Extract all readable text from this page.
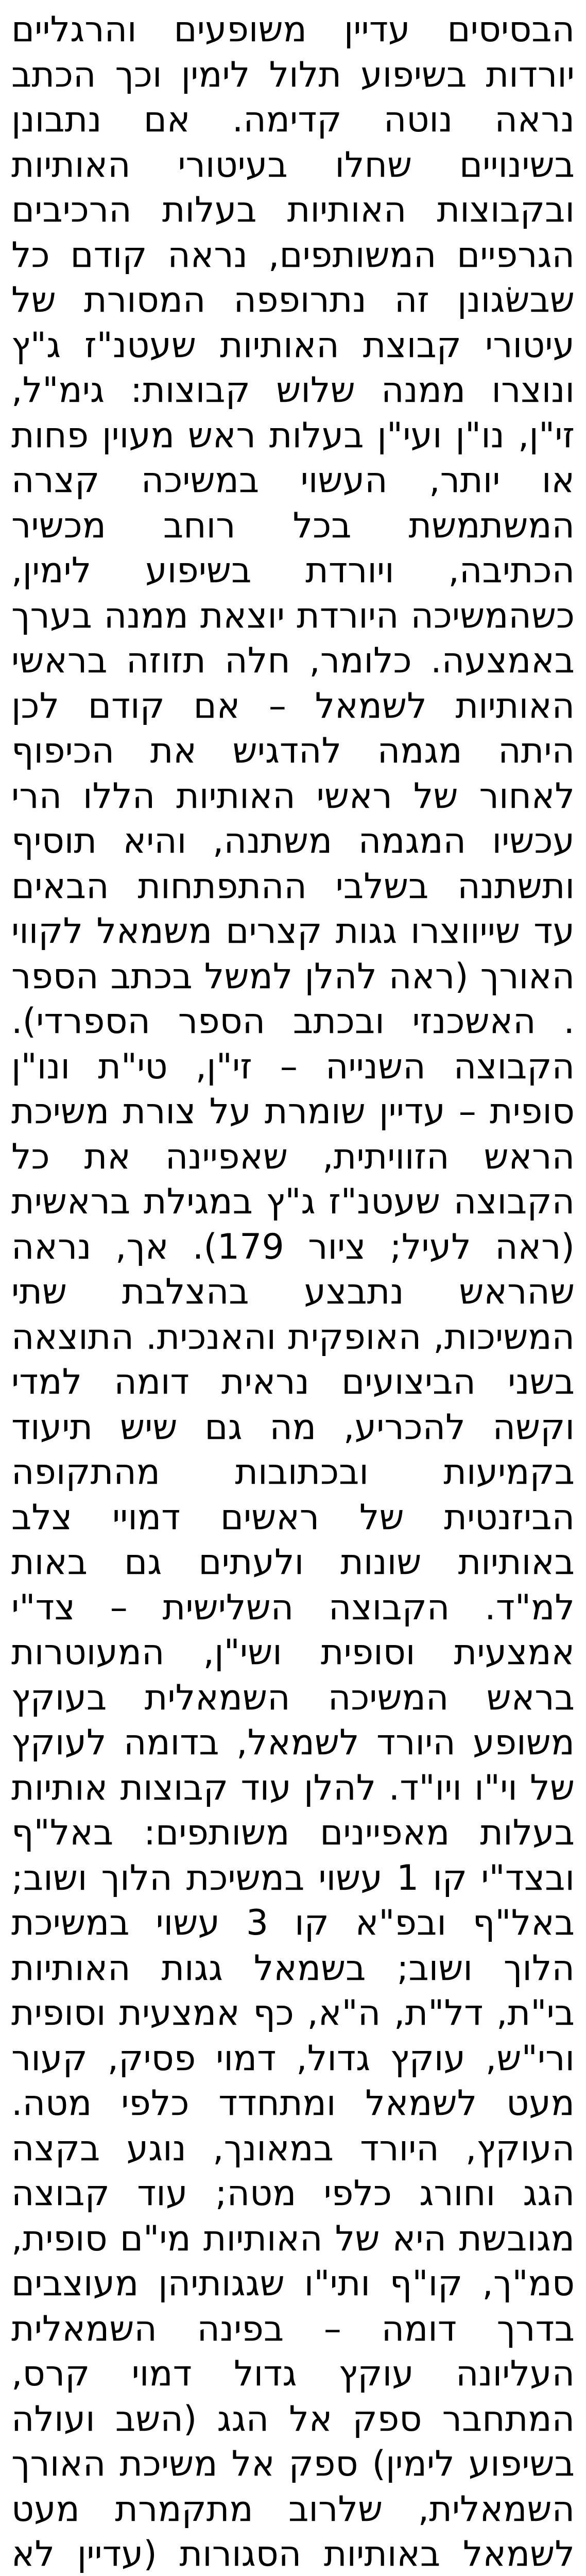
הבסיסים עדיין משופעים והרגליים יורדות בשיפוע תלול לימין וכך הכתב נראה נוטה קדימה. אם נתבונן בשינויים שחלו בעיטורי האותיות ובקבוצות האותיות בעלות הרכיבים הגרפיים המשותפים, נראה קודם כל שבשׂגונן זה נתרופפה המסורת של עיטורי קבוצת האותיות שעטנ"ז ג"ץ ונוצרו ממנה שלוש קבוצות: גימ"ל, זי"ן, נו"ן ועי"ן בעלות ראש מעוין פחות או יותר, העשוי במשיכה קצרה המשתמשת בכל רוחב מכשיר הכתיבה, ויורדת בשיפוע לימין, כשהמשיכה היורדת יוצאת ממנה בערך באמצעה. כלומר, חלה תזוזה בראשי האותיות לשמאל – אם קודם לכן היתה מגמה להדגיש את הכיפוף לאחור של ראשי האותיות הללו הרי עכשיו המגמה משתנה, והיא תוסיף ותשתנה בשלבי ההתפתחות הבאים עד שייווצרו גגות קצרים משמאל לקווי האורך (ראה להלן למשל בכתב הספר . האשכנזי ובכתב הספר הספרדי). הקבוצה השנייה – זי"ן, טי"ת ונו"ן סופית – עדיין שומרת על צורת משיכת הראש הזוויתית, שאפיינה את כל הקבוצה שעטנ"ז ג"ץ במגילת בראשית (ראה לעיל; ציור 179). אך, נראה שהראש נתבצע בהצלבת שתי המשיכות, האופקית והאנכית. התוצאה בשני הביצועים נראית דומה למדי וקשה להכריע, מה גם שיש תיעוד בקמיעות ובכתובות מהתקופה הביזנטית של ראשים דמויי צלב באותיות שונות ולעתים גם באות למ"ד. הקבוצה השלישית – צד"י אמצעית וסופית ושי"ן, המעוטרות בראש המשיכה השמאלית בעוקץ משופע היורד לשמאל, בדומה לעוקץ של וי"ו ויו"ד. להלן עוד קבוצות אותיות בעלות מאפיינים משותפים: באל"ף ובצד"י קו 1 עשוי במשיכת הלוך ושוב; באל"ף ובפ"א קו 3 עשוי במשיכת הלוך ושוב; בשמאל גגות האותיות בי"ת, דל"ת, ה"א, כף אמצעית וסופית ורי"ש, עוקץ גדול, דמוי פסיק, קעור מעט לשמאל ומתחדד כלפי מטה. העוקץ, היורד במאונך, נוגע בקצה הגג וחורג כלפי מטה; עוד קבוצה מגובשת היא של האותיות מי"ם סופית, סמ"ך, קו"ף ותי"ו שגגותיהן מעוצבים בדרך דומה – בפינה השמאלית העליונה עוקץ גדול דמוי קרס, המתחבר ספק אל הגג (השב ועולה בשיפוע לימין) ספק אל משיכת האורך השמאלית, שלרוב מתקמרת מעט לשמאל באותיות הסגורות (עדיין לא
